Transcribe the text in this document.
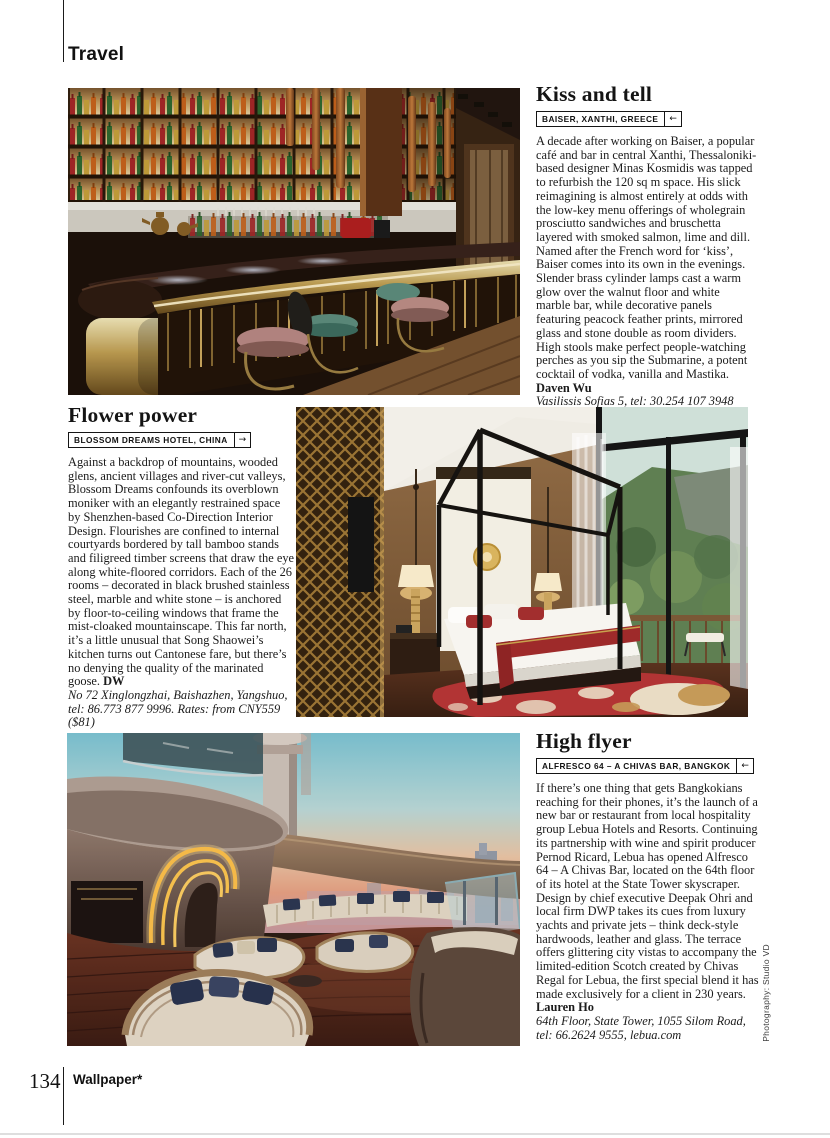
Travel
Kiss and tell
BAISER, XANTHI, GREECE	←

A decade after working on Baiser, a popular café and bar in central Xanthi, Thessaloniki-based designer Minas Kosmidis was tapped to refurbish the 120 sq m space. His slick reimagining is almost entirely at odds with the low-key menu offerings of wholegrain prosciutto sandwiches and bruschetta layered with smoked salmon, lime and dill. Named after the French word for ‘kiss’, Baiser comes into its own in the evenings. Slender brass cylinder lamps cast a warm glow over the walnut floor and white marble bar, while decorative panels featuring peacock feather prints, mirrored glass and stone double as room dividers. High stools make perfect people-watching perches as you sip the Submarine, a potent cocktail of vodka, vanilla and Mastika. Daven Wu

Vasilissis Sofias 5, tel: 30.254 107 3948

Flower power
BLOSSOM DREAMS HOTEL, CHINA	→

Against a backdrop of mountains, wooded glens, ancient villages and river-cut valleys, Blossom Dreams confounds its overblown moniker with an elegantly restrained space by Shenzhen-based Co-Direction Interior Design. Flourishes are confined to internal courtyards bordered by tall bamboo stands and filigreed timber screens that draw the eye along white-floored corridors. Each of the 26 rooms – decorated in black brushed stainless steel, marble and white stone – is anchored by floor-to-ceiling windows that frame the mist-cloaked mountainscape. This far north, it’s a little unusual that Song Shaowei’s kitchen turns out Cantonese fare, but there’s no denying the quality of the marinated goose. DW

No 72 Xinglongzhai, Baishazhen, Yangshuo, tel: 86.773 877 9996. Rates: from CNY559 ($81)

High flyer
ALFRESCO 64 – A CHIVAS BAR, BANGKOK	←

If there’s one thing that gets Bangkokians reaching for their phones, it’s the launch of a new bar or restaurant from local hospitality group Lebua Hotels and Resorts. Continuing its partnership with wine and spirit producer Pernod Ricard, Lebua has opened Alfresco 64 – A Chivas Bar, located on the 64th floor of its hotel at the State Tower skyscraper. Design by chief executive Deepak Ohri and local firm DWP takes its cues from luxury yachts and private jets – think deck-style hardwoods, leather and glass. The terrace offers glittering city vistas to accompany the limited-edition Scotch created by Chivas Regal for Lebua, the first special blend it has made exclusively for a client in 230 years. Lauren Ho

64th Floor, State Tower, 1055 Silom Road, tel: 66.2624 9555, lebua.com	Photography: Studio VD
134 Wallpaper*
